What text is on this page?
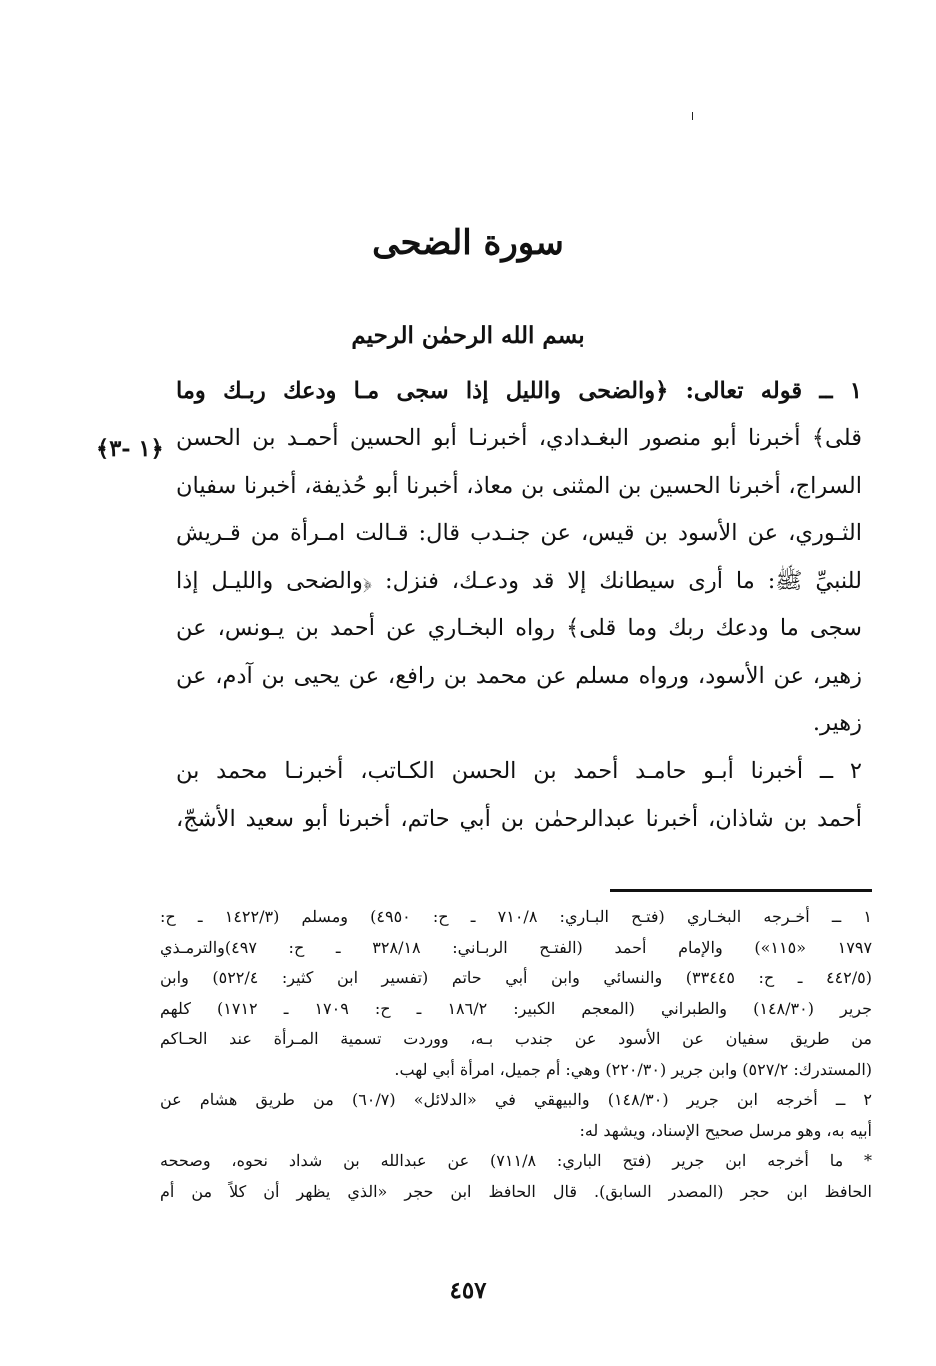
سورة الضحى
بسم الله الرحمٰن الرحيم
﴿١ -٣﴾

١ ــ قوله تعالى: ﴿والضحى والليل إذا سجى مـا ودعك ربـك وما

قلى﴾ أخبرنا أبو منصور البغـدادي، أخبرنـا أبو الحسين أحمـد بن الحسن

السراج، أخبرنا الحسين بن المثنى بن معاذ، أخبرنا أبو حُذيفة، أخبرنا سفيان

الثـوري، عن الأسود بن قيس، عن جنـدب قال: قـالت امـرأة من قـريش

للنبيِّ ﷺ: ما أرى سيطانك إلا قد ودعـك، فنزل: ﴿والضحى والليـل إذا

سجى ما ودعك ربك وما قلى﴾ رواه البخـاري عن أحمد بن يـونس، عن

زهير، عن الأسود، ورواه مسلم عن محمد بن رافع، عن يحيى بن آدم، عن

زهير.

٢ ــ أخبرنا أبـو حامـد أحمد بن الحسن الكـاتب، أخبرنـا محمد بن

أحمد بن شاذان، أخبرنا عبدالرحمٰن بن أبي حاتم، أخبرنا أبو سعيد الأشجّ،

١ ــ أخـرجه البخـاري (فتـح البـاري: ٧١٠/٨ ـ ح: ٤٩٥٠) ومسلم (١٤٢٢/٣ ـ ح:

١٧٩٧ «١١٥») والإمام أحمد (الفتـح الربـاني: ٣٢٨/١٨ ـ ح: ٤٩٧)والترمـذي

(٤٤٢/٥ ـ ح: ٣٣٤٤٥) والنسائي وابن أبي حاتم (تفسير ابن كثير: ٥٢٢/٤) وابن

جرير (١٤٨/٣٠) والطبراني (المعجم الكبير: ١٨٦/٢ ـ ح: ١٧٠٩ ـ ١٧١٢) كلهم

من طريق سفيان عن الأسود عن جندب بـه، ووردت تسمية المـرأة عند الحـاكم

(المستدرك: ٥٢٧/٢) وابن جرير (٢٢٠/٣٠) وهي: أم جميل، امرأة أبي لهب.

٢ ــ أخرجه ابن جرير (١٤٨/٣٠) والبيهقي في «الدلائل» (٦٠/٧) من طريق هشام عن

أبيه به، وهو مرسل صحيح الإسناد، ويشهد له:

* ما أخرجه ابن جرير (فتح الباري: ٧١١/٨) عن عبدالله بن شداد نحوه، وصححه

الحافظ ابن حجر (المصدر السابق). قال الحافظ ابن حجر «الذي يظهر أن كلاً من أم

٤٥٧
